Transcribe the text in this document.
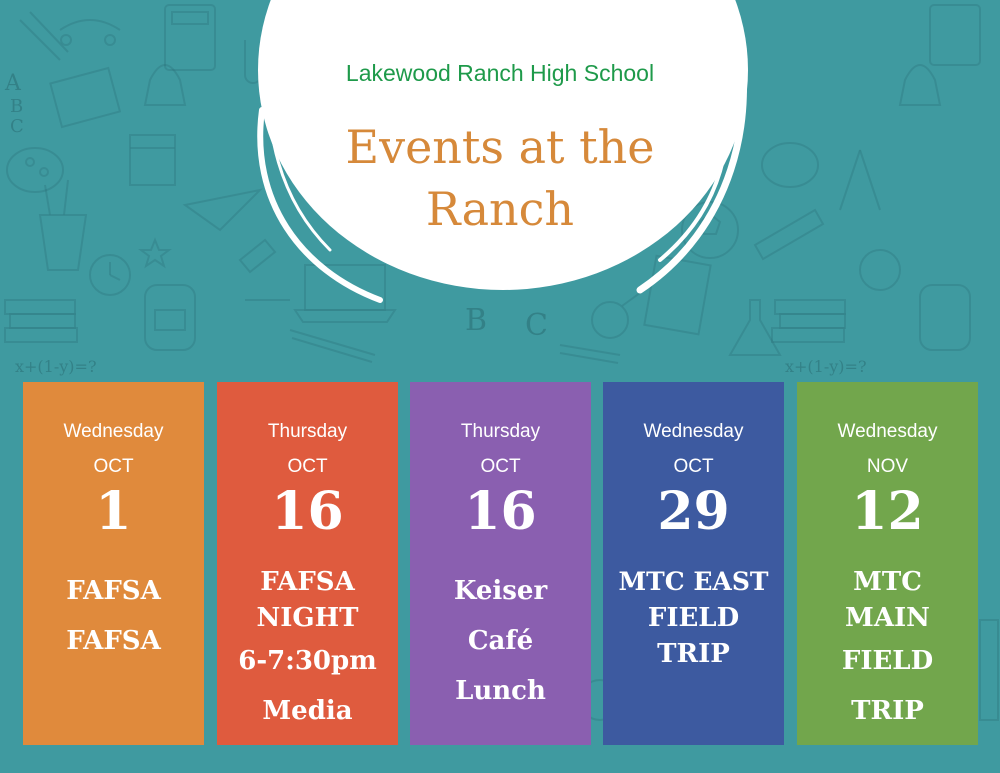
A
B
C
B C
x+(1-y)=?	x+(1-y)=?
Lakewood Ranch High School
Events at the
Ranch
Wednesday
OCT
1
FAFSA
FAFSA
Thursday
OCT
16
FAFSA
NIGHT
6-7:30pm
Media
Thursday
OCT
16
Keiser
Café
Lunch
Wednesday
OCT
29
MTC EAST
FIELD
TRIP
Wednesday
NOV
12
MTC
MAIN
FIELD
TRIP
